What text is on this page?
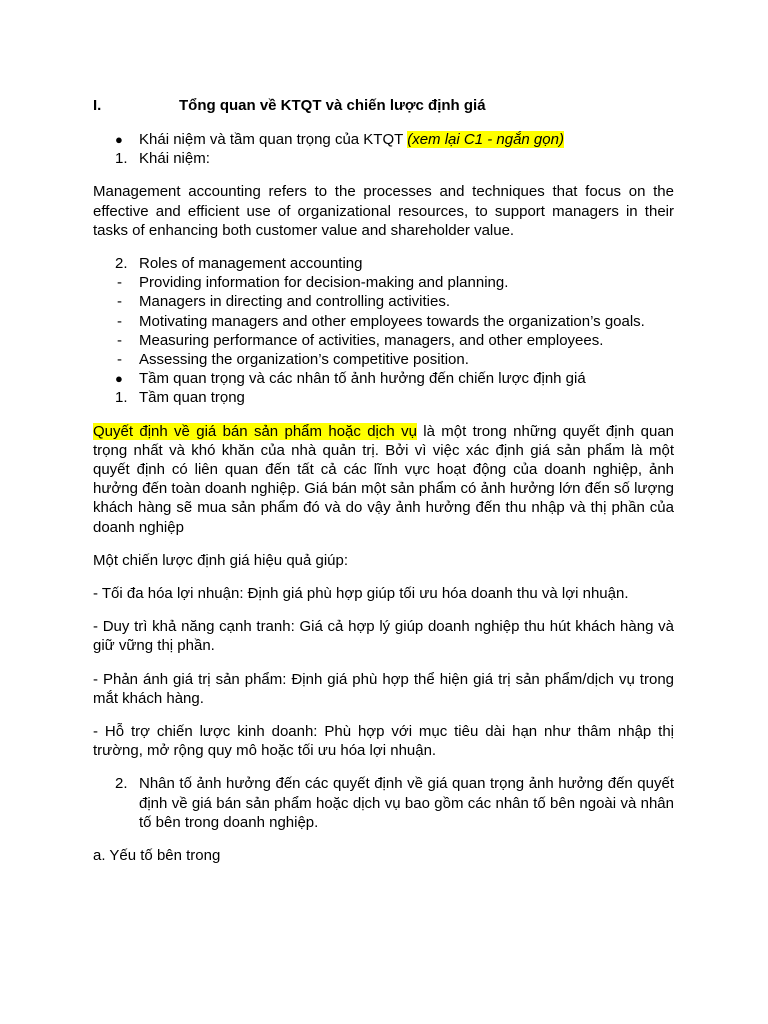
I.	Tổng quan về KTQT và chiến lược định giá
●	Khái niệm và tầm quan trọng của KTQT (xem lại C1 - ngắn gọn)
1. Khái niệm:

Management accounting refers to the processes and techniques that focus on the effective and efficient use of organizational resources, to support managers in their tasks of enhancing both customer value and shareholder value.

2. Roles of management accounting
-	Providing information for decision-making and planning.
-	Managers in directing and controlling activities.
-	Motivating managers and other employees towards the organization’s goals.
-	Measuring performance of activities, managers, and other employees.
-	Assessing the organization’s competitive position.
●	Tầm quan trọng và các nhân tố ảnh hưởng đến chiến lược định giá
1. Tầm quan trọng

Quyết định về giá bán sản phẩm hoặc dịch vụ là một trong những quyết định quan trọng nhất và khó khăn của nhà quản trị. Bởi vì việc xác định giá sản phẩm là một quyết định có liên quan đến tất cả các lĩnh vực hoạt động của doanh nghiệp, ảnh hưởng đến toàn doanh nghiệp. Giá bán một sản phẩm có ảnh hưởng lớn đến số lượng khách hàng sẽ mua sản phẩm đó và do vậy ảnh hưởng đến thu nhập và thị phần của doanh nghiệp

Một chiến lược định giá hiệu quả giúp:

- Tối đa hóa lợi nhuận: Định giá phù hợp giúp tối ưu hóa doanh thu và lợi nhuận.

- Duy trì khả năng cạnh tranh: Giá cả hợp lý giúp doanh nghiệp thu hút khách hàng và giữ vững thị phần.

- Phản ánh giá trị sản phẩm: Định giá phù hợp thể hiện giá trị sản phẩm/dịch vụ trong mắt khách hàng.

- Hỗ trợ chiến lược kinh doanh: Phù hợp với mục tiêu dài hạn như thâm nhập thị trường, mở rộng quy mô hoặc tối ưu hóa lợi nhuận.

2. Nhân tố ảnh hưởng đến các quyết định về giá quan trọng ảnh hưởng đến quyết định về giá bán sản phẩm hoặc dịch vụ bao gồm các nhân tố bên ngoài và nhân tố bên trong doanh nghiệp.

a. Yếu tố bên trong
